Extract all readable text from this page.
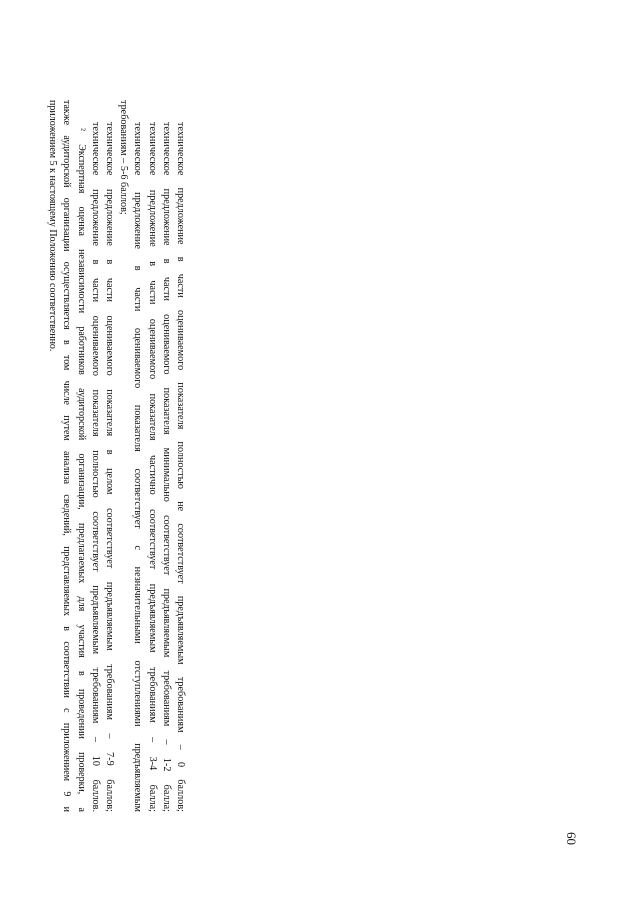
60

техническое предложение в части оцениваемого показателя полностью не соответствует предъявляемым требованиям – 0 баллов;

техническое предложение в части оцениваемого показателя минимально соответствует предъявляемым требованиям – 1-2 балла;

техническое предложение в части оцениваемого показателя частично соответствует предъявляемым требованиям – 3-4 балла;

техническое предложение в части оцениваемого показателя соответствует с незначительными отступлениями предъявляемым

требованиям – 5-6 баллов;

техническое предложение в части оцениваемого показателя в целом соответствует предъявляемым требованиям – 7-9 баллов;

техническое предложение в части оцениваемого показателя полностью соответствует предъявляемым требованиям – 10 баллов.

² Экспертная оценка независимости работников аудиторской организации, предлагаемых для участия в проведении проверки, а

также аудиторской организации осуществляется в том числе путем анализа сведений, представляемых в соответствии с приложением 9 и

приложением 5 к настоящему Положению соответственно.
